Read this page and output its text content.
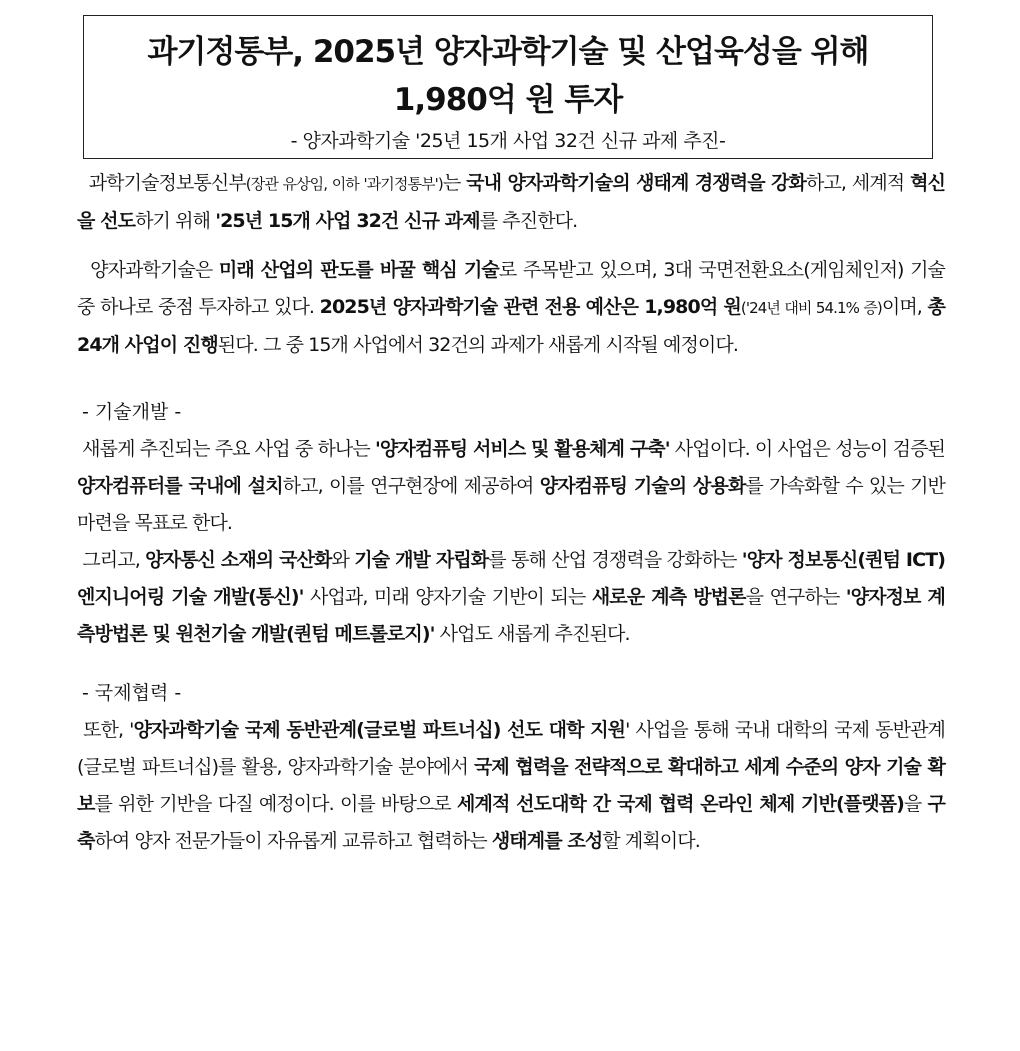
과기정통부, 2025년 양자과학기술 및 산업육성을 위해
1,980억 원 투자
- 양자과학기술 '25년 15개 사업 32건 신규 과제 추진-

과학기술정보통신부(장관 유상임, 이하 '과기정통부')는 국내 양자과학기술의 생태계 경쟁력을 강화하고, 세계적 혁신을 선도하기 위해 '25년 15개 사업 32건 신규 과제를 추진한다.

양자과학기술은 미래 산업의 판도를 바꿀 핵심 기술로 주목받고 있으며, 3대 국면전환요소(게임체인저) 기술 중 하나로 중점 투자하고 있다. 2025년 양자과학기술 관련 전용 예산은 1,980억 원('24년 대비 54.1% 증)이며, 총 24개 사업이 진행된다. 그 중 15개 사업에서 32건의 과제가 새롭게 시작될 예정이다.

- 기술개발 -

새롭게 추진되는 주요 사업 중 하나는 '양자컴퓨팅 서비스 및 활용체계 구축' 사업이다. 이 사업은 성능이 검증된 양자컴퓨터를 국내에 설치하고, 이를 연구현장에 제공하여 양자컴퓨팅 기술의 상용화를 가속화할 수 있는 기반마련을 목표로 한다.

그리고, 양자통신 소재의 국산화와 기술 개발 자립화를 통해 산업 경쟁력을 강화하는 '양자 정보통신(퀀텀 ICT) 엔지니어링 기술 개발(통신)' 사업과, 미래 양자기술 기반이 되는 새로운 계측 방법론을 연구하는 '양자정보 계측방법론 및 원천기술 개발(퀀텀 메트롤로지)' 사업도 새롭게 추진된다.

- 국제협력 -

또한, '양자과학기술 국제 동반관계(글로벌 파트너십) 선도 대학 지원' 사업을 통해 국내 대학의 국제 동반관계(글로벌 파트너십)를 활용, 양자과학기술 분야에서 국제 협력을 전략적으로 확대하고 세계 수준의 양자 기술 확보를 위한 기반을 다질 예정이다. 이를 바탕으로 세계적 선도대학 간 국제 협력 온라인 체제 기반(플랫폼)을 구축하여 양자 전문가들이 자유롭게 교류하고 협력하는 생태계를 조성할 계획이다.
